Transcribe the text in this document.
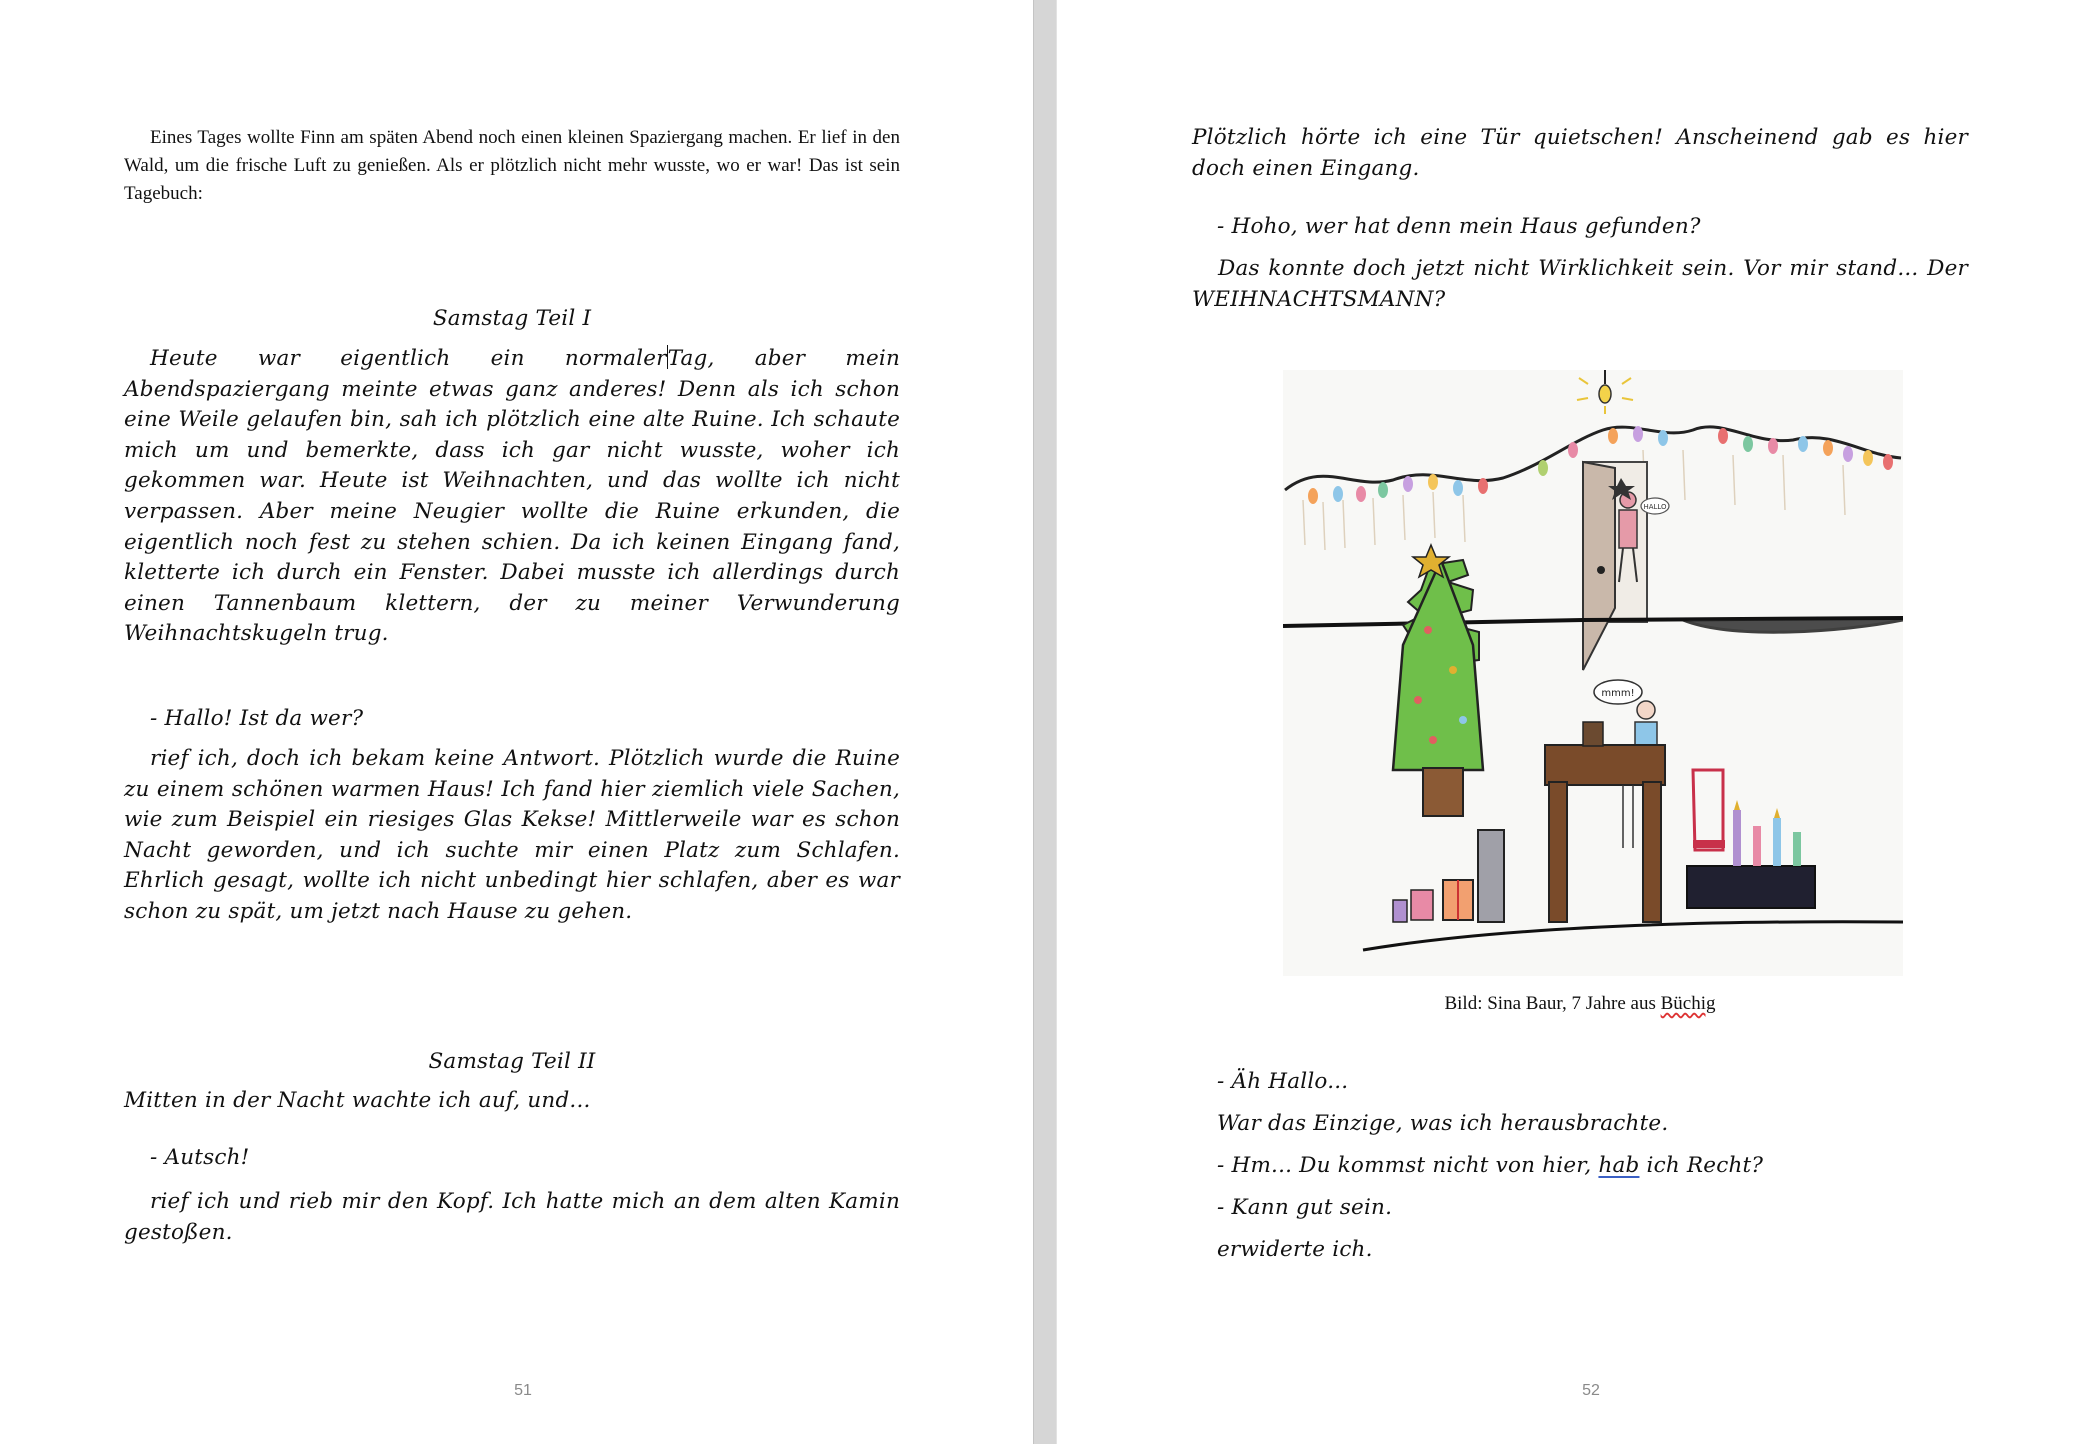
Eines Tages wollte Finn am späten Abend noch einen kleinen Spaziergang machen. Er lief in den Wald, um die frische Luft zu genießen. Als er plötzlich nicht mehr wusste, wo er war! Das ist sein Tagebuch:

Samstag Teil I

Heute war eigentlich ein normalerTag, aber mein Abendspaziergang meinte etwas ganz anderes! Denn als ich schon eine Weile gelaufen bin, sah ich plötzlich eine alte Ruine. Ich schaute mich um und bemerkte, dass ich gar nicht wusste, woher ich gekommen war. Heute ist Weihnachten, und das wollte ich nicht verpassen. Aber meine Neugier wollte die Ruine erkunden, die eigentlich noch fest zu stehen schien. Da ich keinen Eingang fand, kletterte ich durch ein Fenster. Dabei musste ich allerdings durch einen Tannenbaum klettern, der zu meiner Verwunderung Weihnachtskugeln trug.

- Hallo! Ist da wer?

rief ich, doch ich bekam keine Antwort. Plötzlich wurde die Ruine zu einem schönen warmen Haus! Ich fand hier ziemlich viele Sachen, wie zum Beispiel ein riesiges Glas Kekse! Mittlerweile war es schon Nacht geworden, und ich suchte mir einen Platz zum Schlafen. Ehrlich gesagt, wollte ich nicht unbedingt hier schlafen, aber es war schon zu spät, um jetzt nach Hause zu gehen.

Samstag Teil II
Mitten in der Nacht wachte ich auf, und...
- Autsch!

rief ich und rieb mir den Kopf. Ich hatte mich an dem alten Kamin gestoßen.

51

Plötzlich hörte ich eine Tür quietschen! Anscheinend gab es hier doch einen Eingang.

- Hoho, wer hat denn mein Haus gefunden?

Das konnte doch jetzt nicht Wirklichkeit sein. Vor mir stand... Der WEIHNACHTSMANN?

Bild: Sina Baur, 7 Jahre aus Büchig
- Äh Hallo...
War das Einzige, was ich herausbrachte.
- Hm... Du kommst nicht von hier, hab ich Recht?
- Kann gut sein.
erwiderte ich.
52
HALLO
mmm!
